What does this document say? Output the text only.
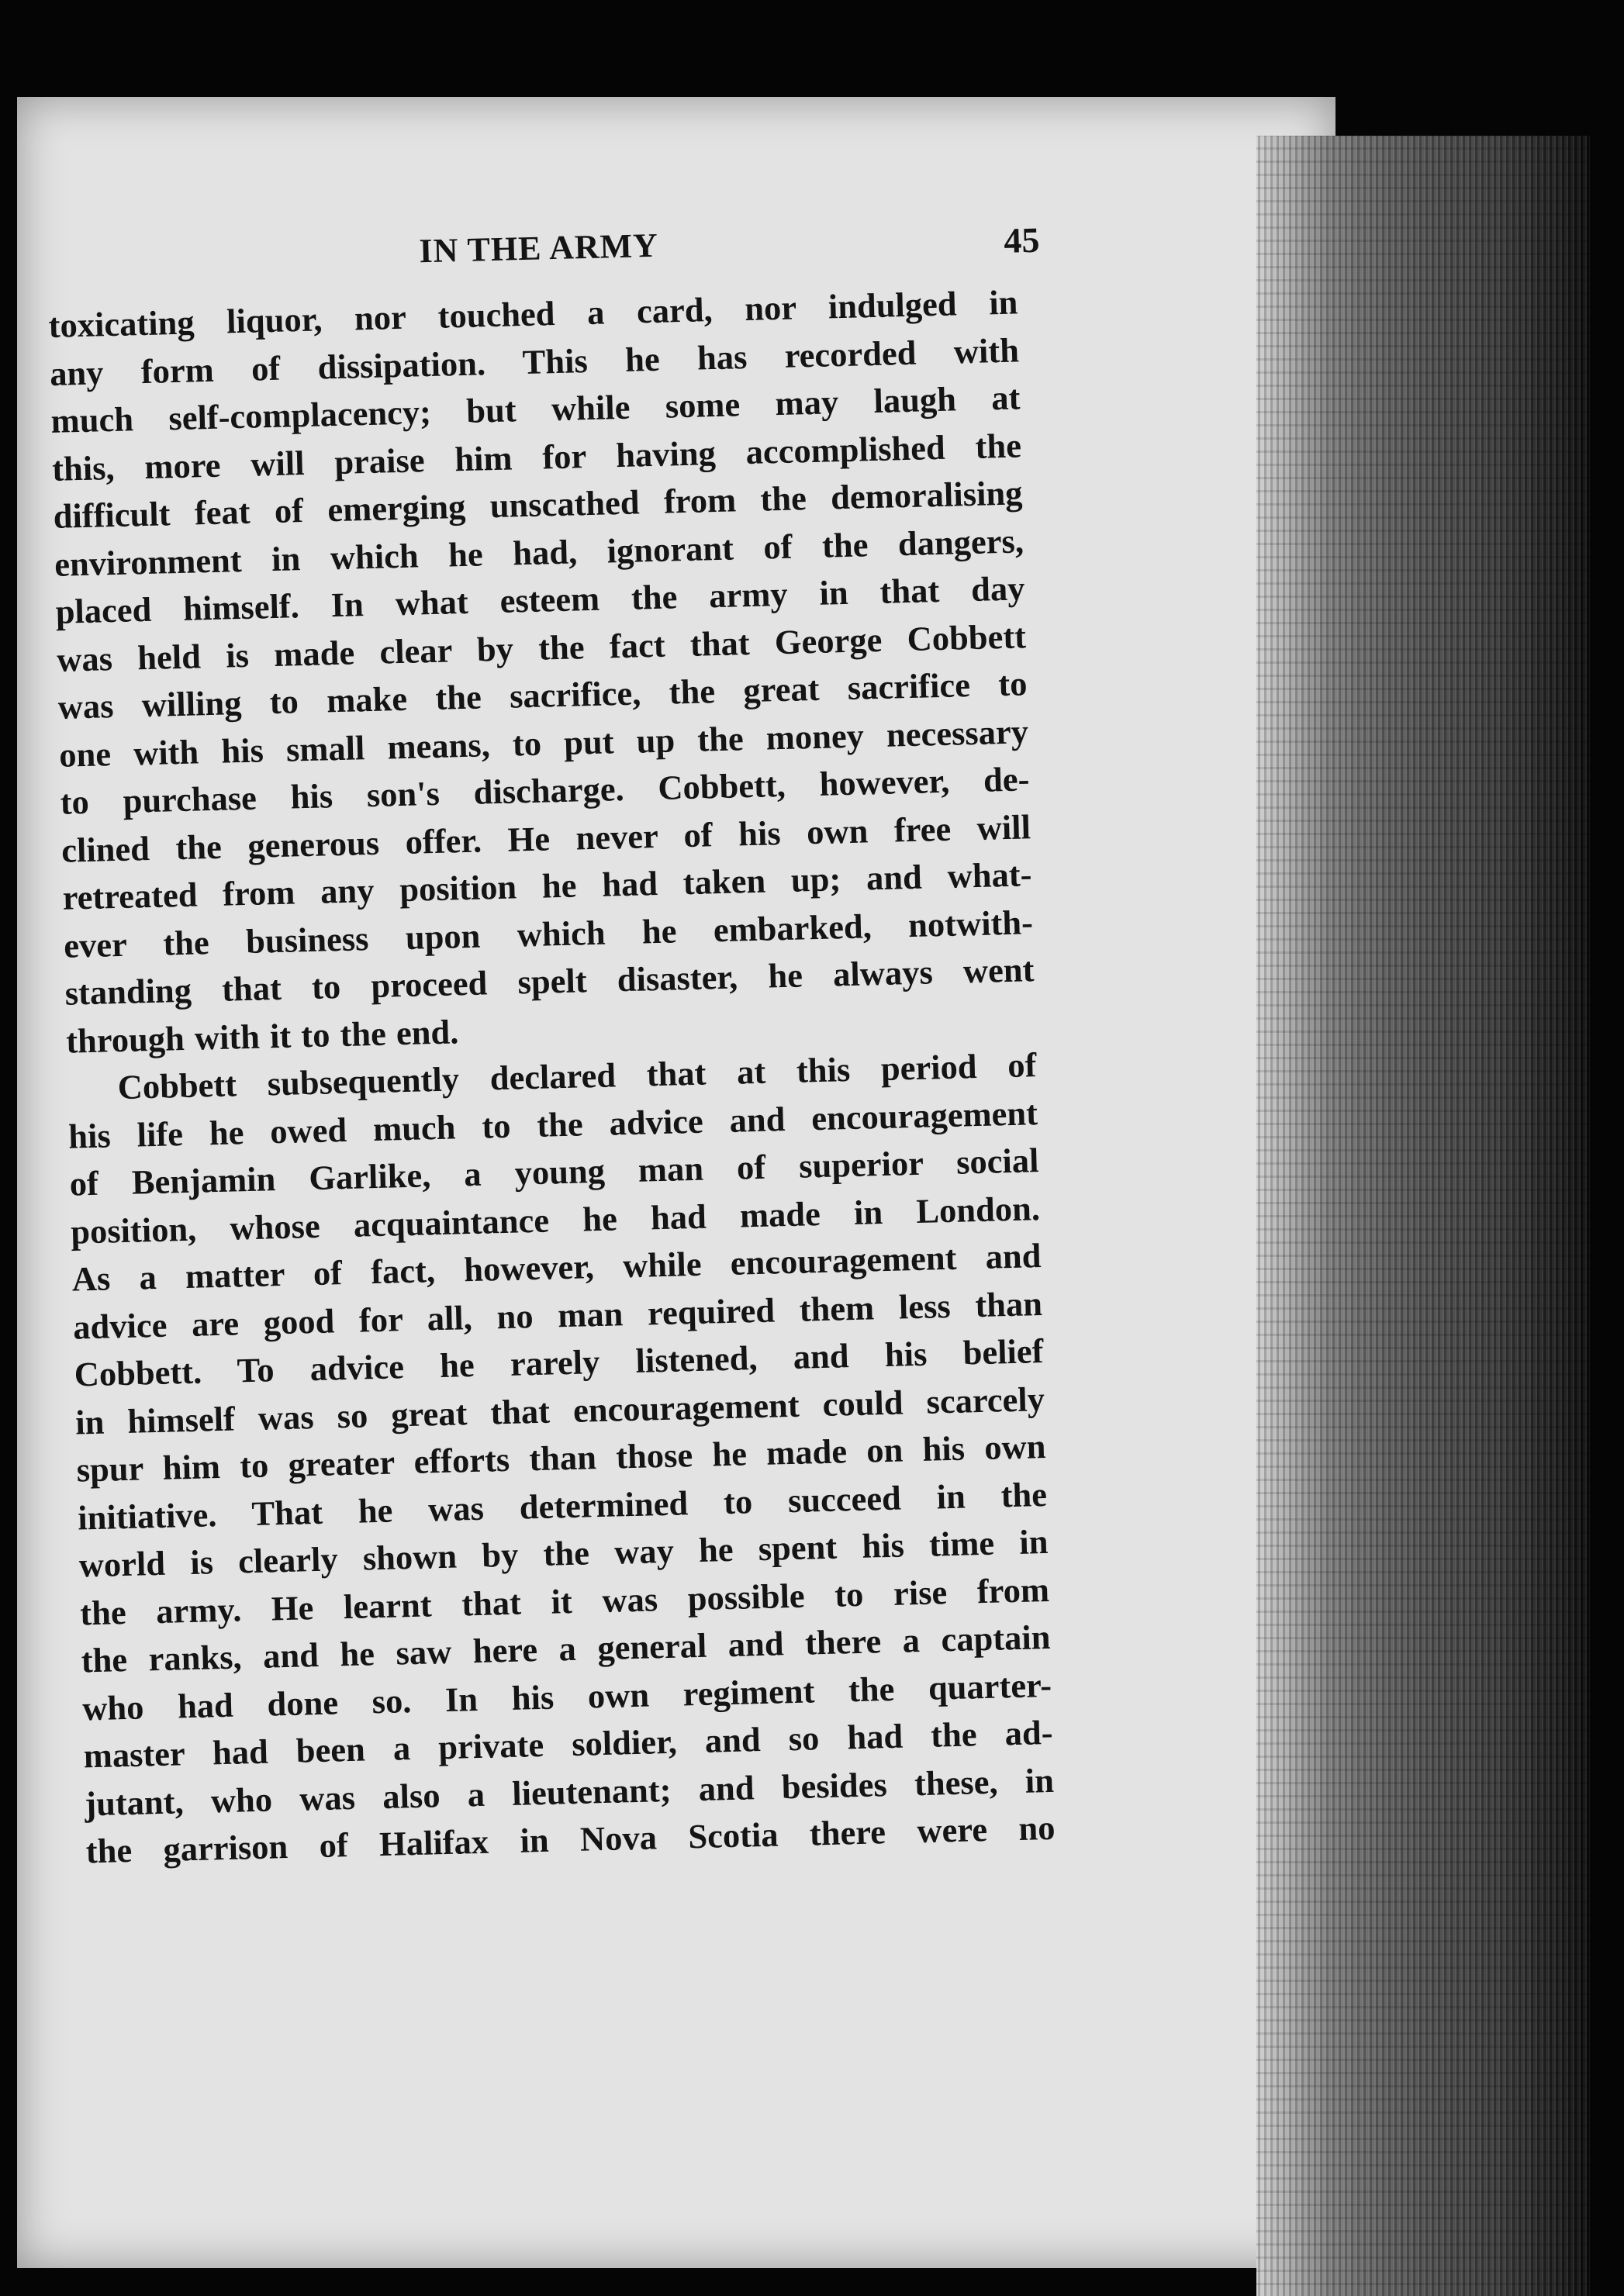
IN THE ARMY	45
toxicating liquor, nor touched a card, nor indulged in
any form of dissipation. This he has recorded with
much self-complacency; but while some may laugh at
this, more will praise him for having accomplished the
difficult feat of emerging unscathed from the demoralising
environment in which he had, ignorant of the dangers,
placed himself. In what esteem the army in that day
was held is made clear by the fact that George Cobbett
was willing to make the sacrifice, the great sacrifice to
one with his small means, to put up the money necessary
to purchase his son's discharge. Cobbett, however, de-
clined the generous offer. He never of his own free will
retreated from any position he had taken up; and what-
ever the business upon which he embarked, notwith-
standing that to proceed spelt disaster, he always went
through with it to the end.
Cobbett subsequently declared that at this period of
his life he owed much to the advice and encouragement
of Benjamin Garlike, a young man of superior social
position, whose acquaintance he had made in London.
As a matter of fact, however, while encouragement and
advice are good for all, no man required them less than
Cobbett. To advice he rarely listened, and his belief
in himself was so great that encouragement could scarcely
spur him to greater efforts than those he made on his own
initiative. That he was determined to succeed in the
world is clearly shown by the way he spent his time in
the army. He learnt that it was possible to rise from
the ranks, and he saw here a general and there a captain
who had done so. In his own regiment the quarter-
master had been a private soldier, and so had the ad-
jutant, who was also a lieutenant; and besides these, in
the garrison of Halifax in Nova Scotia there were no
